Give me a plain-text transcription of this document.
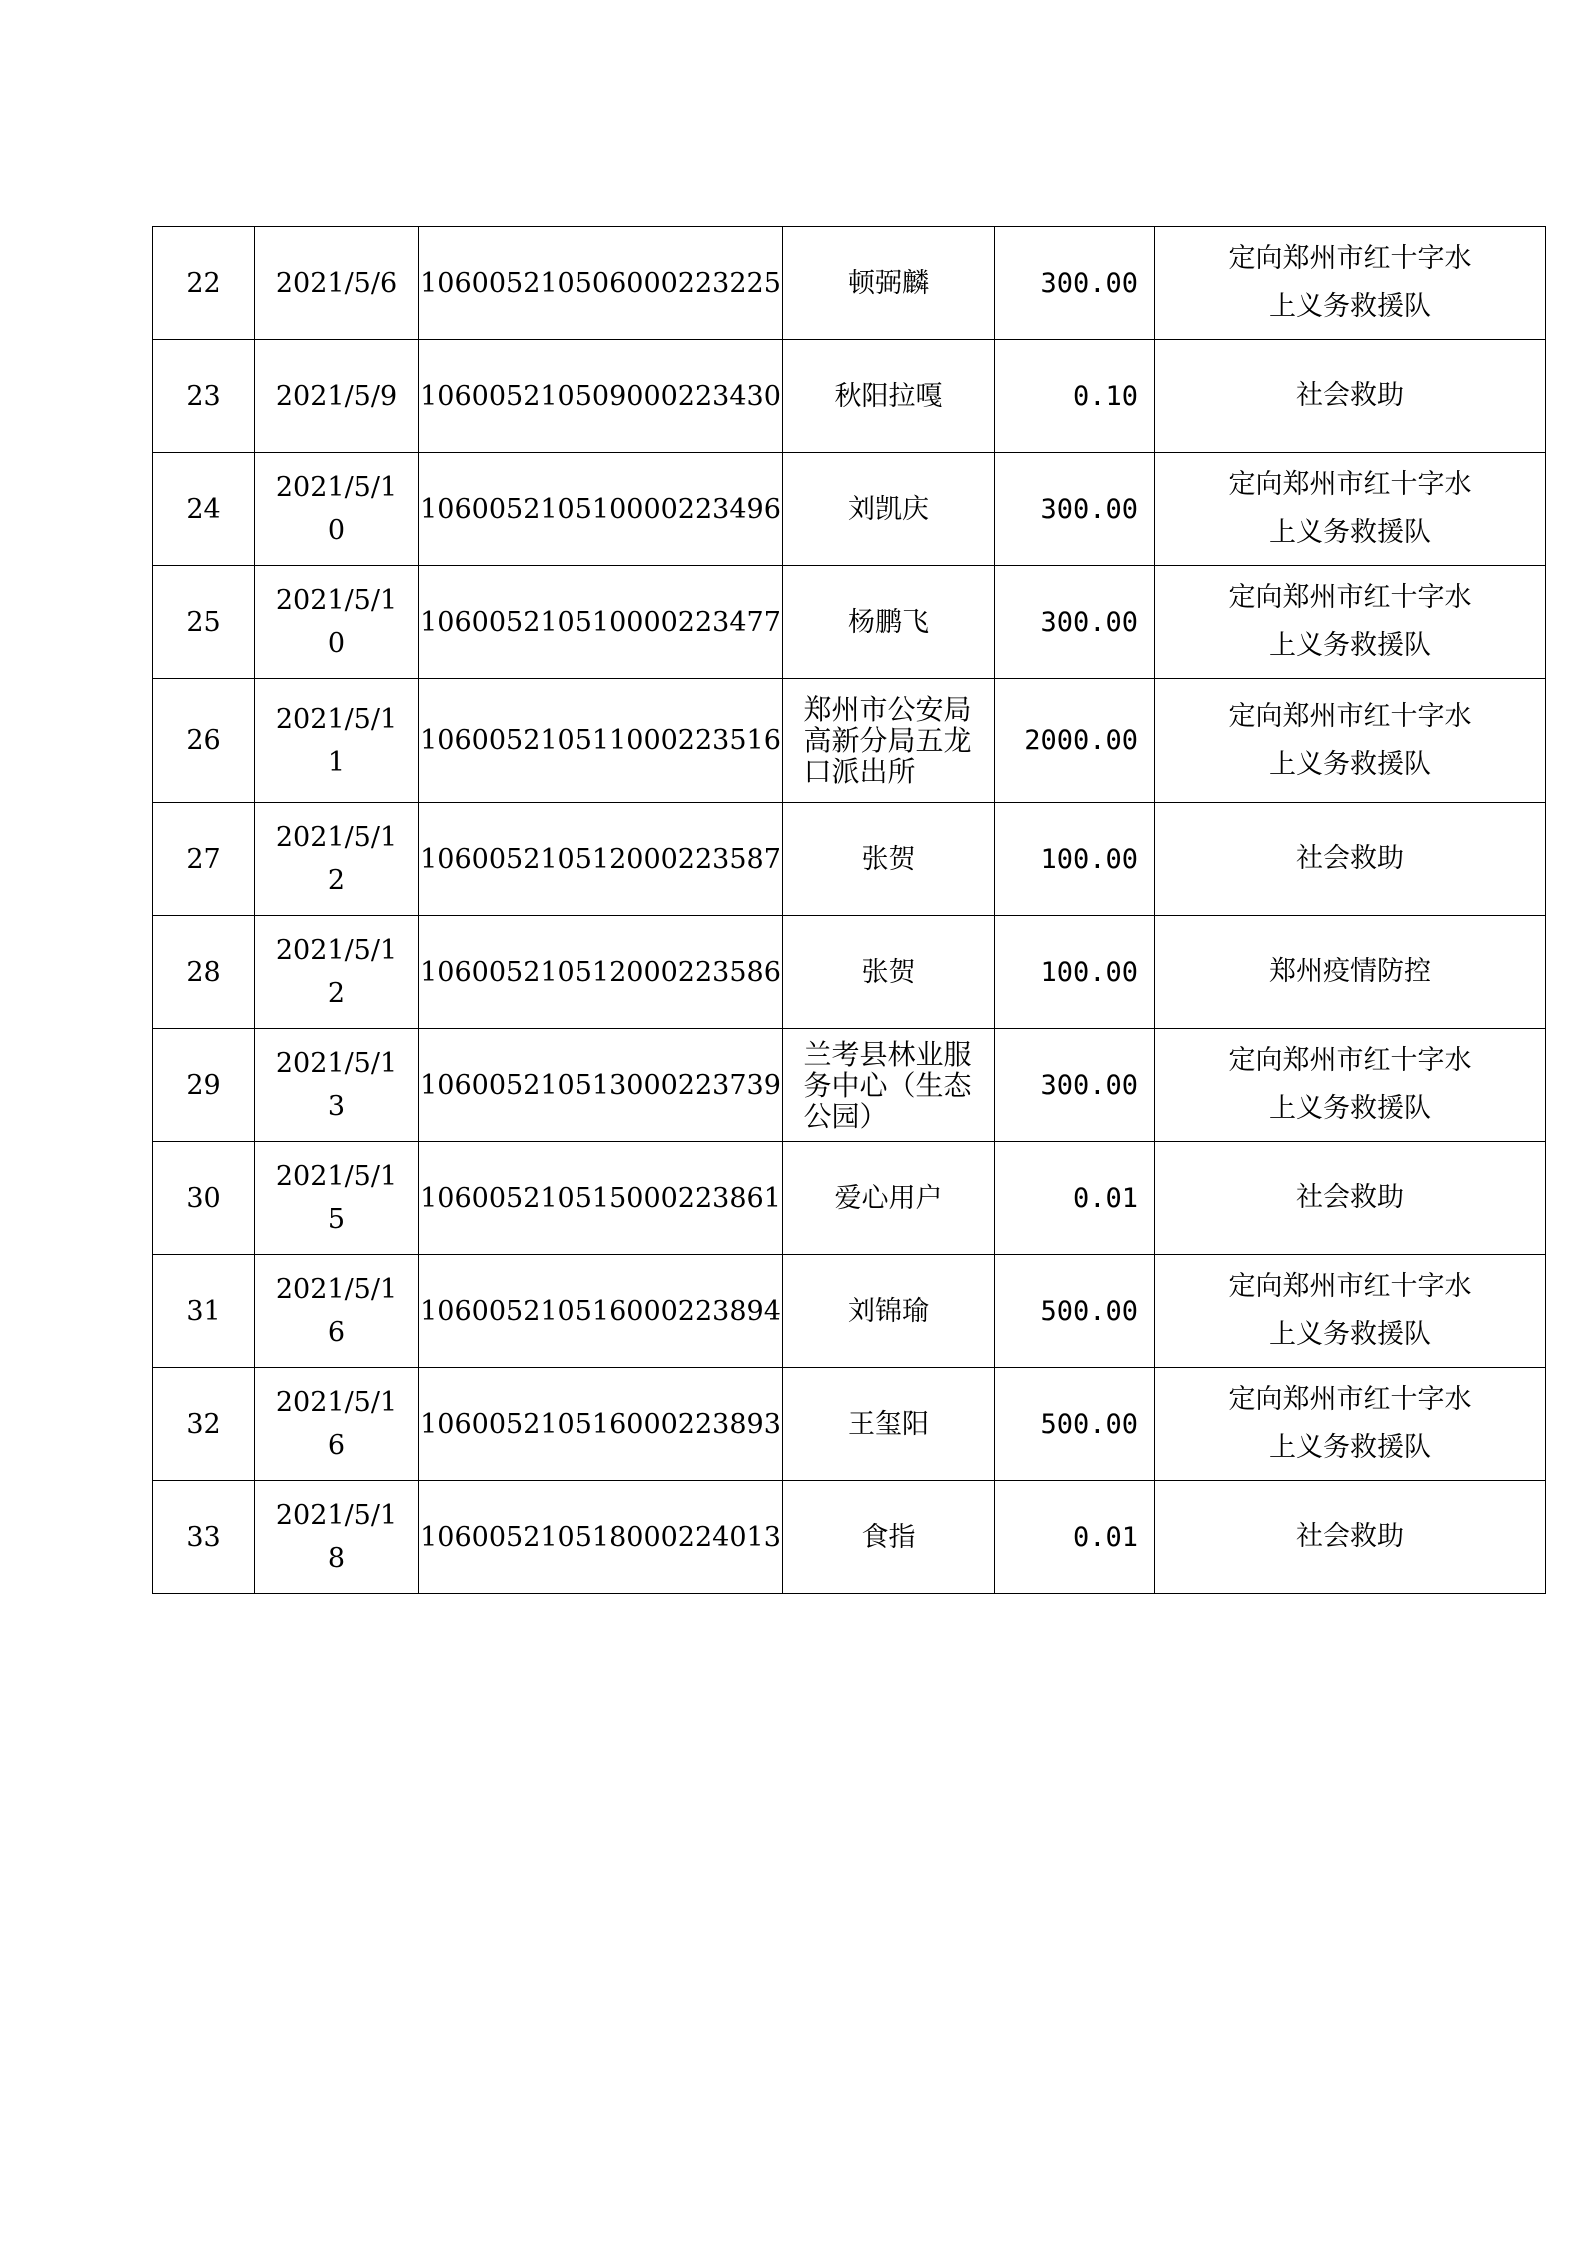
22	2021/5/6	106005210506000223225	顿弼麟	300.00	定向郑州市红十字水上义务救援队

23	2021/5/9	106005210509000223430	秋阳拉嘎	0.10	社会救助

24	2021/5/10	106005210510000223496	刘凯庆	300.00	定向郑州市红十字水上义务救援队

25	2021/5/10	106005210510000223477	杨鹏飞	300.00	定向郑州市红十字水上义务救援队

26	2021/5/11	106005210511000223516	郑州市公安局高新分局五龙口派出所	2000.00	定向郑州市红十字水上义务救援队

27	2021/5/12	106005210512000223587	张贺	100.00	社会救助

28	2021/5/12	106005210512000223586	张贺	100.00	郑州疫情防控

29	2021/5/13	106005210513000223739	兰考县林业服务中心（生态公园）	300.00	定向郑州市红十字水上义务救援队

30	2021/5/15	106005210515000223861	爱心用户	0.01	社会救助

31	2021/5/16	106005210516000223894	刘锦瑜	500.00	定向郑州市红十字水上义务救援队

32	2021/5/16	106005210516000223893	王玺阳	500.00	定向郑州市红十字水上义务救援队

33	2021/5/18	106005210518000224013	食指	0.01	社会救助
